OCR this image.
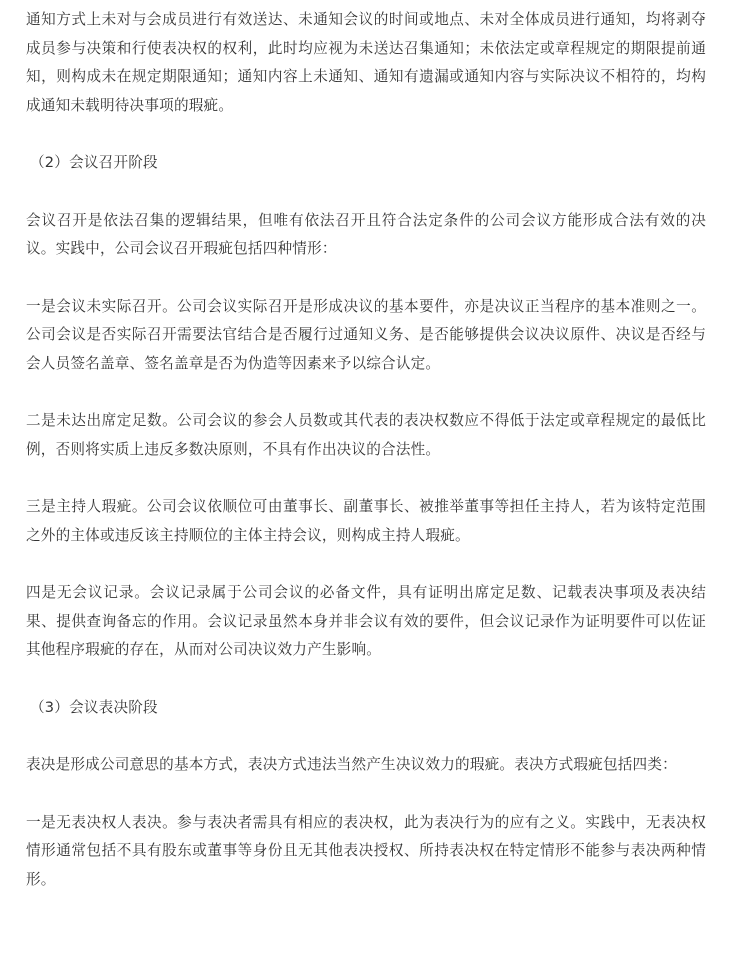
通知方式上未对与会成员进行有效送达、未通知会议的时间或地点、未对全体成员进行通知，均将剥夺成员参与决策和行使表决权的权利，此时均应视为未送达召集通知；未依法定或章程规定的期限提前通知，则构成未在规定期限通知；通知内容上未通知、通知有遗漏或通知内容与实际决议不相符的，均构成通知未载明待决事项的瑕疵。

（2）会议召开阶段

会议召开是依法召集的逻辑结果，但唯有依法召开且符合法定条件的公司会议方能形成合法有效的决议。实践中，公司会议召开瑕疵包括四种情形：

一是会议未实际召开。公司会议实际召开是形成决议的基本要件，亦是决议正当程序的基本准则之一。公司会议是否实际召开需要法官结合是否履行过通知义务、是否能够提供会议决议原件、决议是否经与会人员签名盖章、签名盖章是否为伪造等因素来予以综合认定。

二是未达出席定足数。公司会议的参会人员数或其代表的表决权数应不得低于法定或章程规定的最低比例，否则将实质上违反多数决原则，不具有作出决议的合法性。

三是主持人瑕疵。公司会议依顺位可由董事长、副董事长、被推举董事等担任主持人，若为该特定范围之外的主体或违反该主持顺位的主体主持会议，则构成主持人瑕疵。

四是无会议记录。会议记录属于公司会议的必备文件，具有证明出席定足数、记载表决事项及表决结果、提供查询备忘的作用。会议记录虽然本身并非会议有效的要件，但会议记录作为证明要件可以佐证其他程序瑕疵的存在，从而对公司决议效力产生影响。

（3）会议表决阶段

表决是形成公司意思的基本方式，表决方式违法当然产生决议效力的瑕疵。表决方式瑕疵包括四类：

一是无表决权人表决。参与表决者需具有相应的表决权，此为表决行为的应有之义。实践中，无表决权情形通常包括不具有股东或董事等身份且无其他表决授权、所持表决权在特定情形不能参与表决两种情形。
